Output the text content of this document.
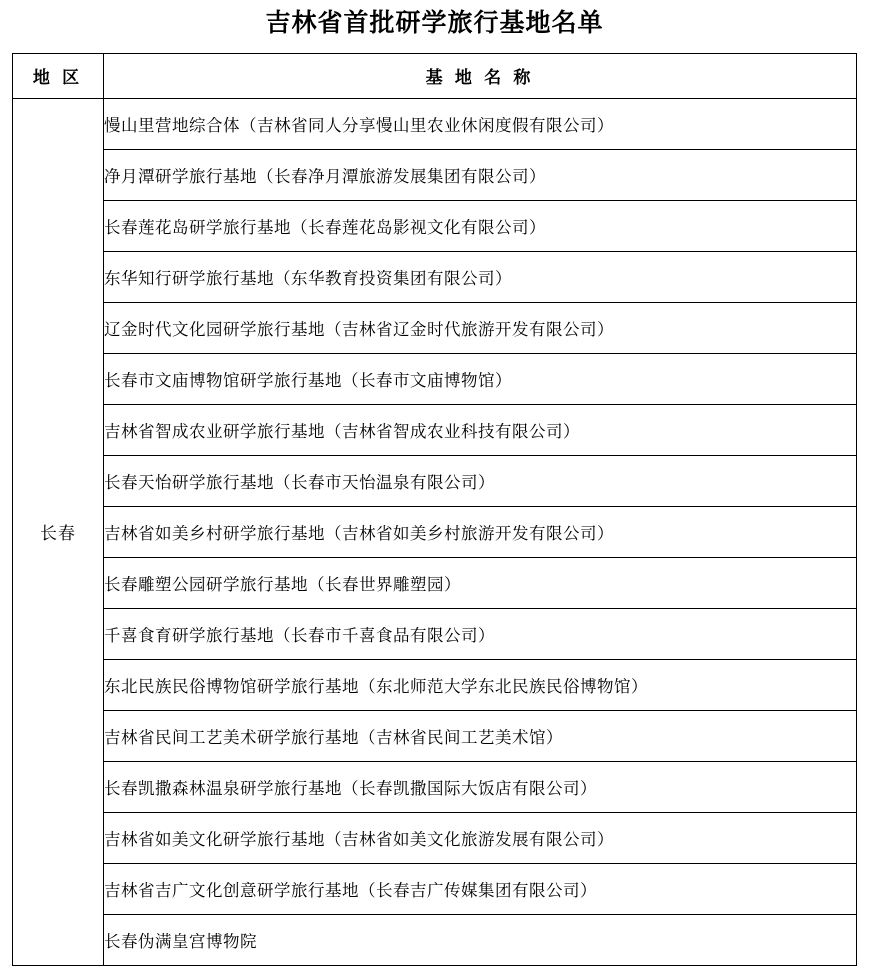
吉林省首批研学旅行基地名单
地 区	基 地 名 称
长春	慢山里营地综合体（吉林省同人分享慢山里农业休闲度假有限公司）
	净月潭研学旅行基地（长春净月潭旅游发展集团有限公司）
	长春莲花岛研学旅行基地（长春莲花岛影视文化有限公司）
	东华知行研学旅行基地（东华教育投资集团有限公司）
	辽金时代文化园研学旅行基地（吉林省辽金时代旅游开发有限公司）
	长春市文庙博物馆研学旅行基地（长春市文庙博物馆）
	吉林省智成农业研学旅行基地（吉林省智成农业科技有限公司）
	长春天怡研学旅行基地（长春市天怡温泉有限公司）
	吉林省如美乡村研学旅行基地（吉林省如美乡村旅游开发有限公司）
	长春雕塑公园研学旅行基地（长春世界雕塑园）
	千喜食育研学旅行基地（长春市千喜食品有限公司）
	东北民族民俗博物馆研学旅行基地（东北师范大学东北民族民俗博物馆）
	吉林省民间工艺美术研学旅行基地（吉林省民间工艺美术馆）
	长春凯撒森林温泉研学旅行基地（长春凯撒国际大饭店有限公司）
	吉林省如美文化研学旅行基地（吉林省如美文化旅游发展有限公司）
	吉林省吉广文化创意研学旅行基地（长春吉广传媒集团有限公司）
	长春伪满皇宫博物院
